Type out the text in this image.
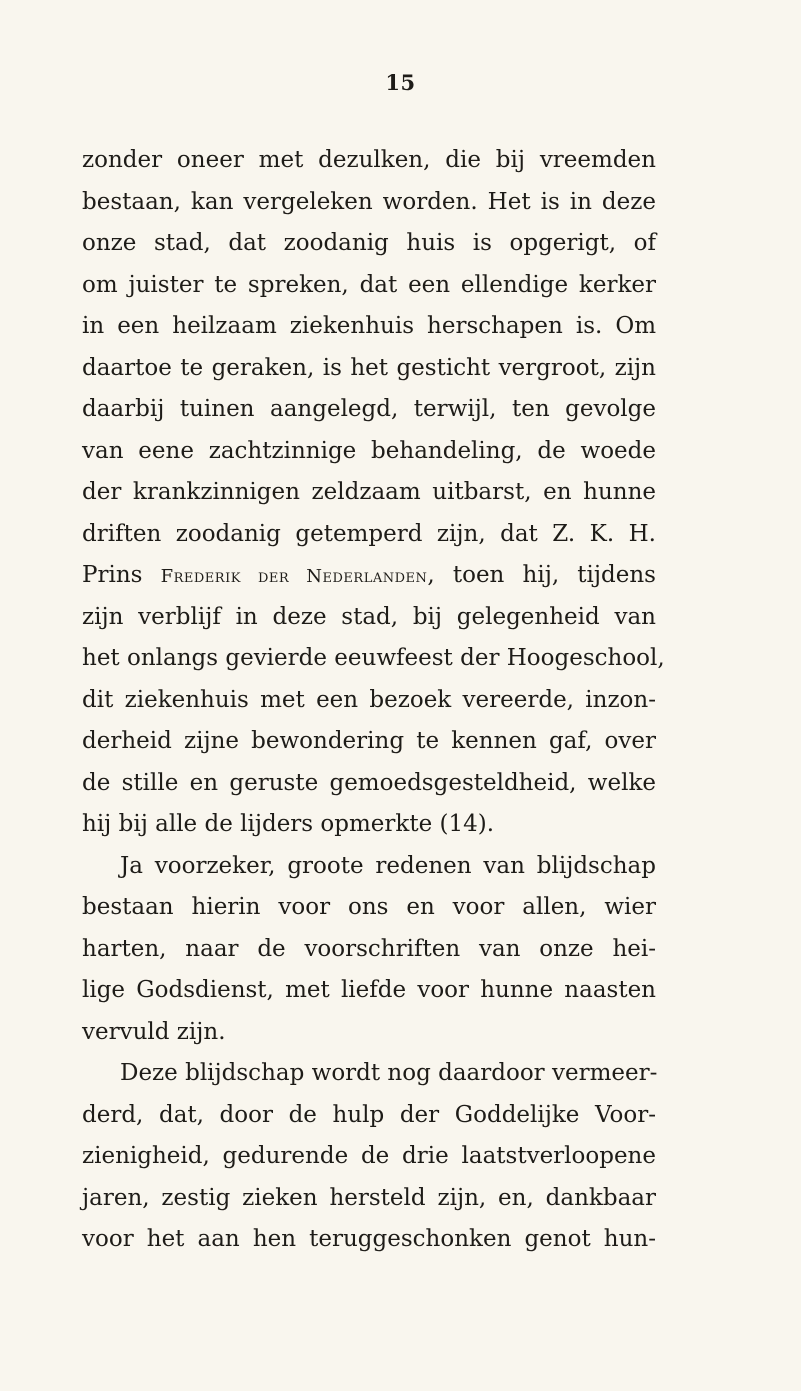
15
zonder oneer met dezulken, die bij vreemden
bestaan, kan vergeleken worden. Het is in deze
onze stad, dat zoodanig huis is opgerigt, of
om juister te spreken, dat een ellendige kerker
in een heilzaam ziekenhuis herschapen is. Om
daartoe te geraken, is het gesticht vergroot, zijn
daarbij tuinen aangelegd, terwijl, ten gevolge
van eene zachtzinnige behandeling, de woede
der krankzinnigen zeldzaam uitbarst, en hunne
driften zoodanig getemperd zijn, dat Z. K. H.
Prins Frederik der Nederlanden, toen hij, tijdens
zijn verblijf in deze stad, bij gelegenheid van
het onlangs gevierde eeuwfeest der Hoogeschool,
dit ziekenhuis met een bezoek vereerde, inzon-
derheid zijne bewondering te kennen gaf, over
de stille en geruste gemoedsgesteldheid, welke
hij bij alle de lijders opmerkte (14).
Ja voorzeker, groote redenen van blijdschap
bestaan hierin voor ons en voor allen, wier
harten, naar de voorschriften van onze hei-
lige Godsdienst, met liefde voor hunne naasten
vervuld zijn.
Deze blijdschap wordt nog daardoor vermeer-
derd, dat, door de hulp der Goddelijke Voor-
zienigheid, gedurende de drie laatstverloopene
jaren, zestig zieken hersteld zijn, en, dankbaar
voor het aan hen teruggeschonken genot hun-
